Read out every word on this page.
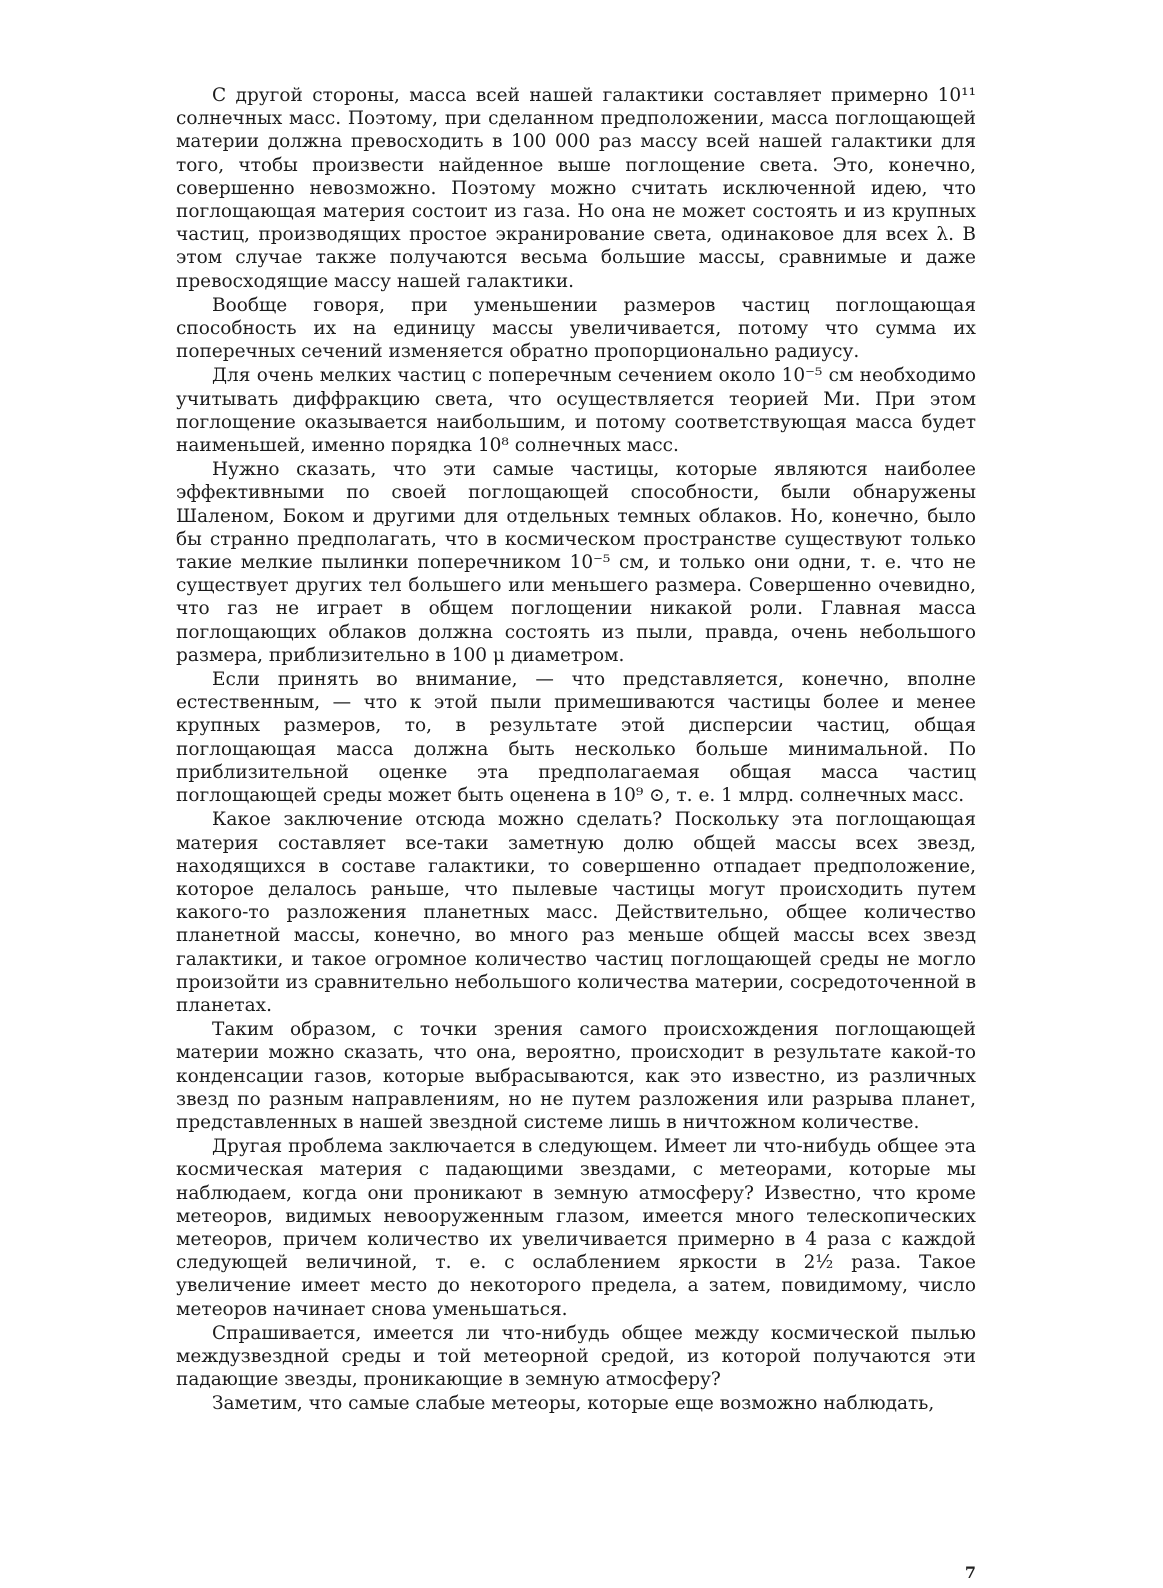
С другой стороны, масса всей нашей галактики составляет примерно 10¹¹ солнечных масс. Поэтому, при сделанном предположении, масса поглощающей материи должна превосходить в 100 000 раз массу всей нашей галактики для того, чтобы произвести найденное выше поглощение света. Это, конечно, совершенно невозможно. Поэтому можно считать исключенной идею, что поглощающая материя состоит из газа. Но она не может состоять и из крупных частиц, производящих простое экранирование света, одинаковое для всех λ. В этом случае также получаются весьма большие массы, сравнимые и даже превосходящие массу нашей галактики.

Вообще говоря, при уменьшении размеров частиц поглощающая способность их на единицу массы увеличивается, потому что сумма их поперечных сечений изменяется обратно пропорционально радиусу.

Для очень мелких частиц с поперечным сечением около 10⁻⁵ см необходимо учитывать диффракцию света, что осуществляется теорией Ми. При этом поглощение оказывается наибольшим, и потому соответствующая масса будет наименьшей, именно порядка 10⁸ солнечных масс.

Нужно сказать, что эти самые частицы, которые являются наиболее эффективными по своей поглощающей способности, были обнаружены Шаленом, Боком и другими для отдельных темных облаков. Но, конечно, было бы странно предполагать, что в космическом пространстве существуют только такие мелкие пылинки поперечником 10⁻⁵ см, и только они одни, т. е. что не существует других тел большего или меньшего размера. Совершенно очевидно, что газ не играет в общем поглощении никакой роли. Главная масса поглощающих облаков должна состоять из пыли, правда, очень небольшого размера, приблизительно в 100 μ диаметром.

Если принять во внимание, — что представляется, конечно, вполне естественным, — что к этой пыли примешиваются частицы более и менее крупных размеров, то, в результате этой дисперсии частиц, общая поглощающая масса должна быть несколько больше минимальной. По приблизительной оценке эта предполагаемая общая масса частиц поглощающей среды может быть оценена в 10⁹ ⊙, т. е. 1 млрд. солнечных масс.

Какое заключение отсюда можно сделать? Поскольку эта поглощающая материя составляет все-таки заметную долю общей массы всех звезд, находящихся в составе галактики, то совершенно отпадает предположение, которое делалось раньше, что пылевые частицы могут происходить путем какого-то разложения планетных масс. Действительно, общее количество планетной массы, конечно, во много раз меньше общей массы всех звезд галактики, и такое огромное количество частиц поглощающей среды не могло произойти из сравнительно небольшого количества материи, сосредоточенной в планетах.

Таким образом, с точки зрения самого происхождения поглощающей материи можно сказать, что она, вероятно, происходит в результате какой-то конденсации газов, которые выбрасываются, как это известно, из различных звезд по разным направлениям, но не путем разложения или разрыва планет, представленных в нашей звездной системе лишь в ничтожном количестве.

Другая проблема заключается в следующем. Имеет ли что-нибудь общее эта космическая материя с падающими звездами, с метеорами, которые мы наблюдаем, когда они проникают в земную атмосферу? Известно, что кроме метеоров, видимых невооруженным глазом, имеется много телескопических метеоров, причем количество их увеличивается примерно в 4 раза с каждой следующей величиной, т. е. с ослаблением яркости в 2½ раза. Такое увеличение имеет место до некоторого предела, а затем, повидимому, число метеоров начинает снова уменьшаться.

Спрашивается, имеется ли что-нибудь общее между космической пылью междузвездной среды и той метеорной средой, из которой получаются эти падающие звезды, проникающие в земную атмосферу?

Заметим, что самые слабые метеоры, которые еще возможно наблюдать,

7
